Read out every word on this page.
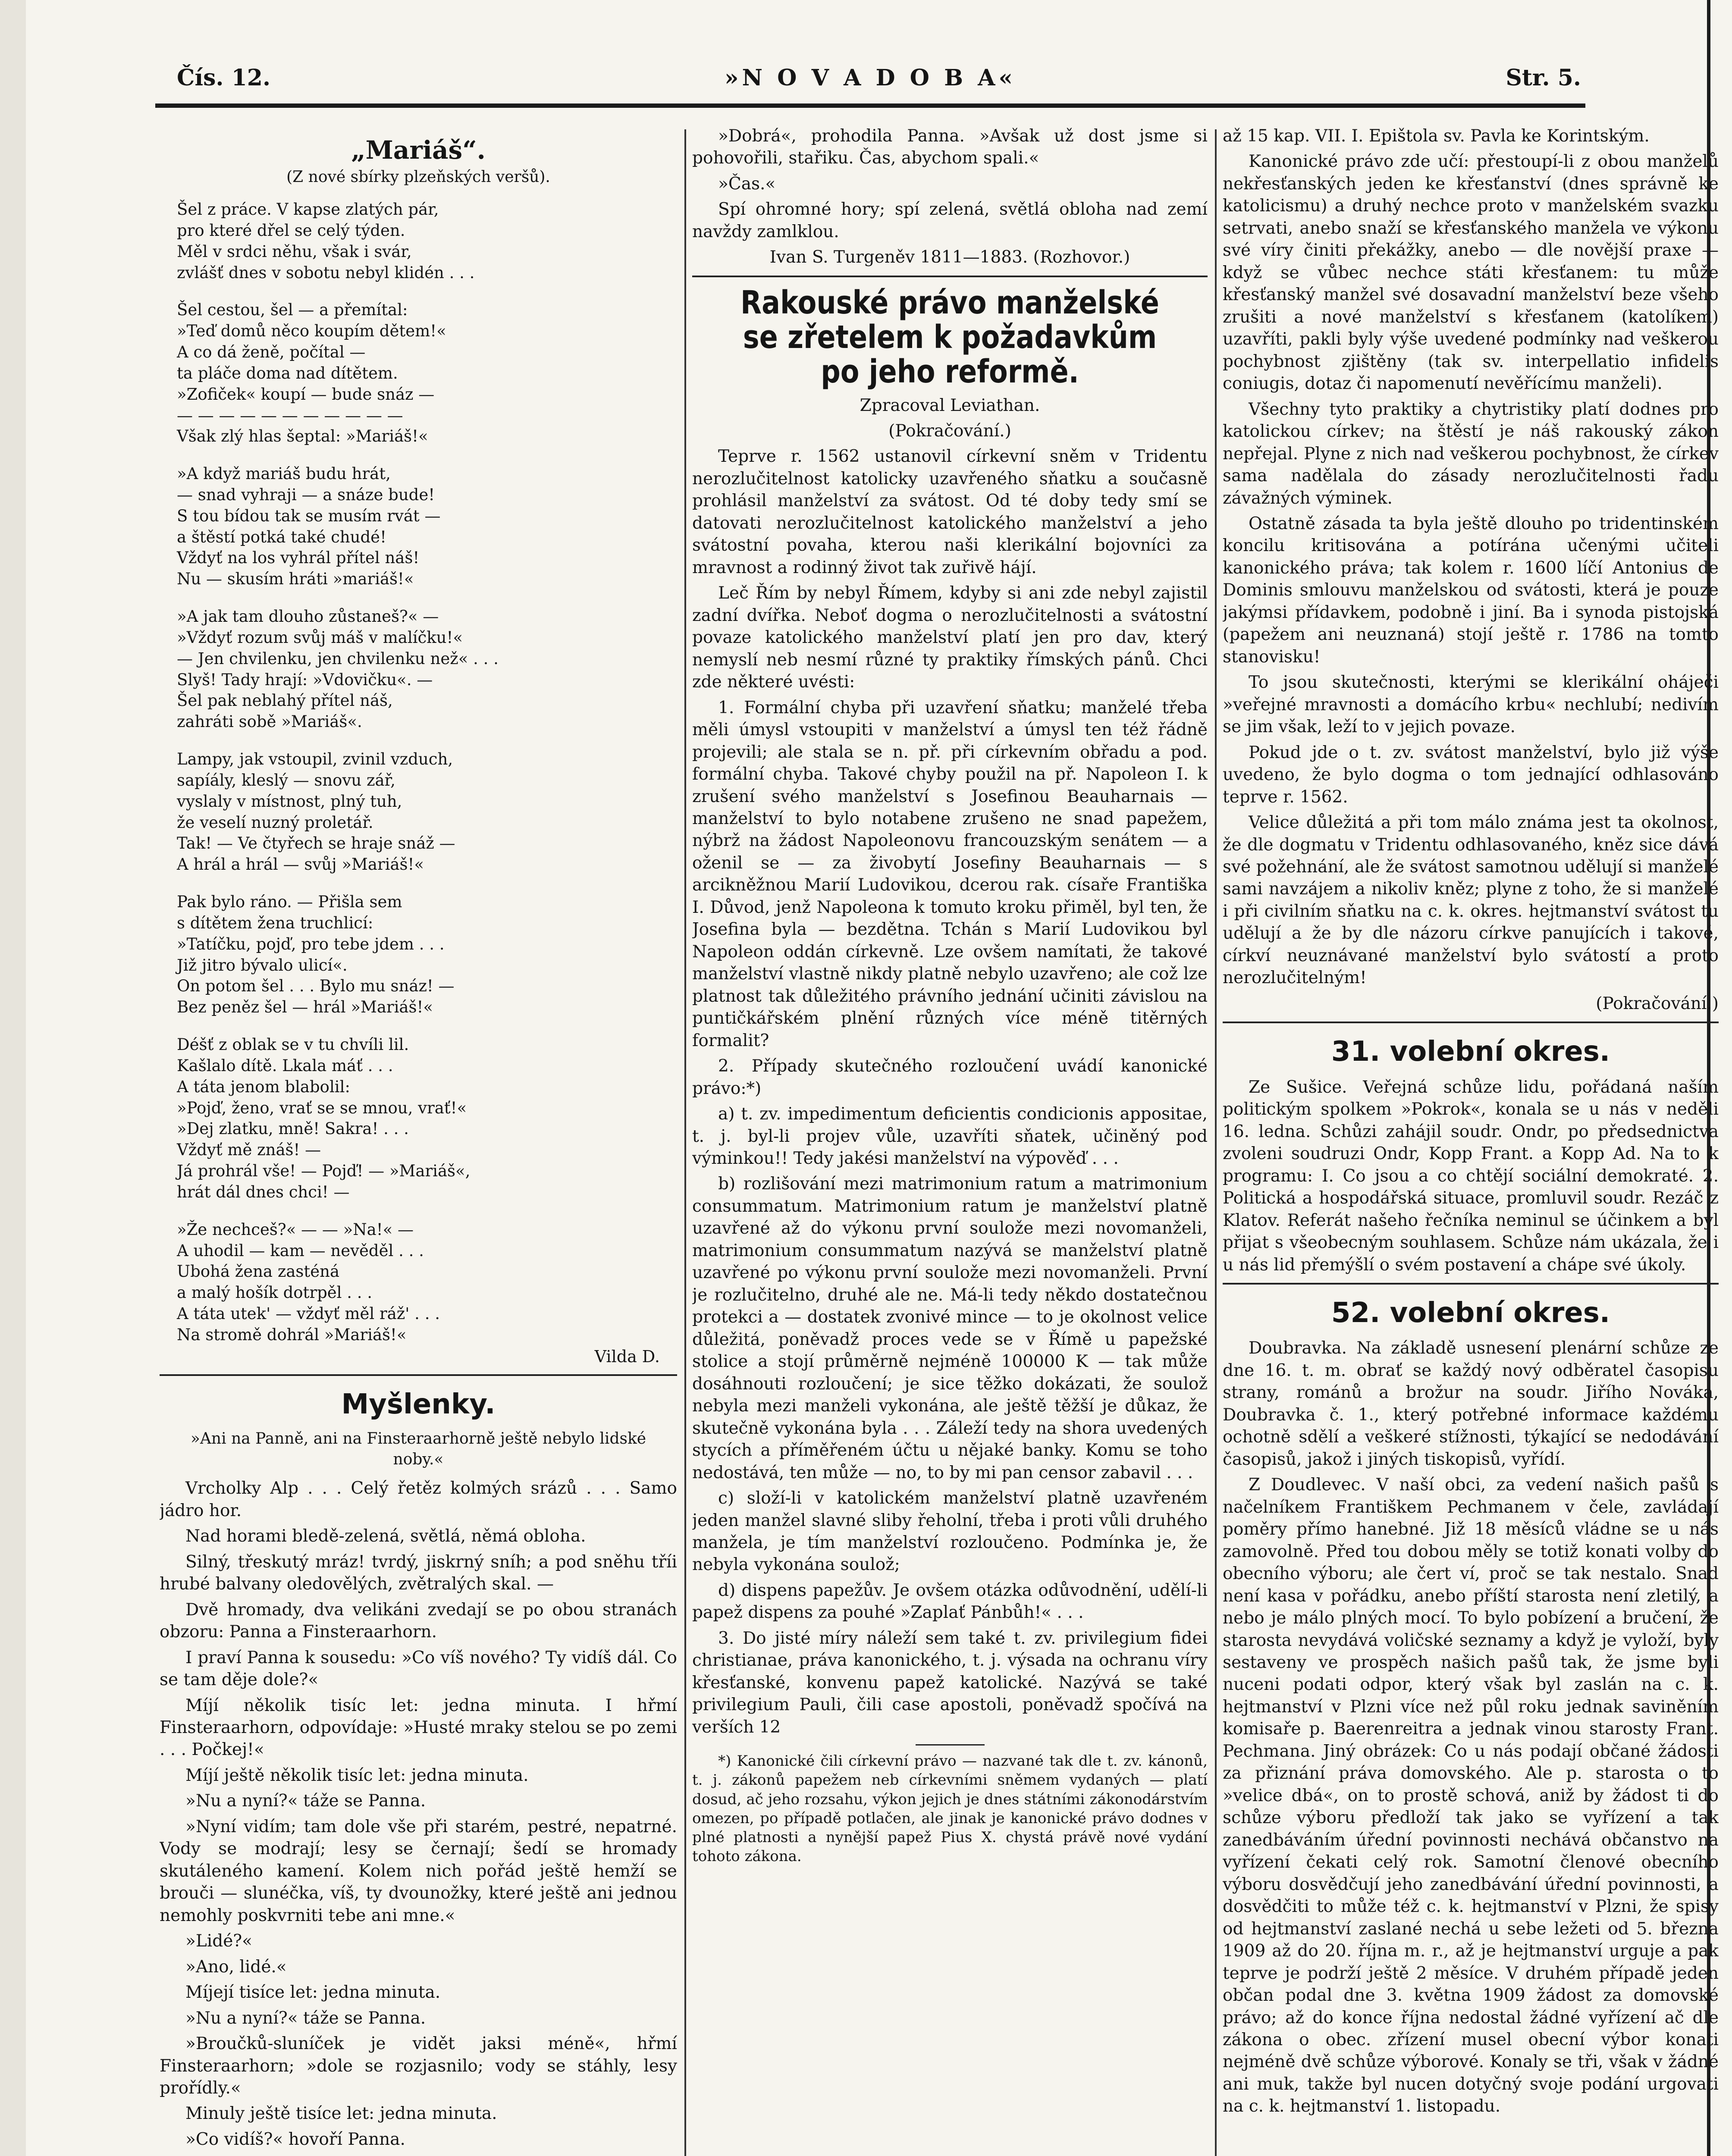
Čís. 12.	»N O V A D O B A«	Str. 5.
„Mariáš“.
(Z nové sbírky plzeňských veršů).
Šel z práce. V kapse zlatých pár,
pro které dřel se celý týden.
Měl v srdci něhu, však i svár,
zvlášť dnes v sobotu nebyl klidén . . .
Šel cestou, šel — a přemítal:
»Teď domů něco koupím dětem!«
A co dá ženě, počítal —
ta pláče doma nad dítětem.
»Zofiček« koupí — bude snáz —
— — — — — — — — — — —
Však zlý hlas šeptal: »Mariáš!«
»A když mariáš budu hrát,
— snad vyhraji — a snáze bude!
S tou bídou tak se musím rvát —
a štěstí potká také chudé!
Vždyť na los vyhrál přítel náš!
Nu — skusím hráti »mariáš!«
»A jak tam dlouho zůstaneš?« —
»Vždyť rozum svůj máš v malíčku!«
— Jen chvilenku, jen chvilenku než« . . .
Slyš! Tady hrají: »Vdovičku«. —
Šel pak neblahý přítel náš,
zahráti sobě »Mariáš«.
Lampy, jak vstoupil, zvinil vzduch,
sapíály, kleslý — snovu zář,
vyslaly v místnost, plný tuh,
že veselí nuzný proletář.
Tak! — Ve čtyřech se hraje snáž —
A hrál a hrál — svůj »Mariáš!«
Pak bylo ráno. — Přišla sem
s dítětem žena truchlicí:
»Tatíčku, pojď, pro tebe jdem . . .
Již jitro bývalo ulicí«.
On potom šel . . . Bylo mu snáz! —
Bez peněz šel — hrál »Mariáš!«
Déšť z oblak se v tu chvíli lil.
Kašlalo dítě. Lkala máť . . .
A táta jenom blabolil:
»Pojď, ženo, vrať se se mnou, vrať!«
»Dej zlatku, mně! Sakra! . . .
Vždyť mě znáš! —
Já prohrál vše! — Pojď! — »Mariáš«,
hrát dál dnes chci! —
»Že nechceš?« — — »Na!« —
A uhodil — kam — nevěděl . . .
Ubohá žena zasténá
a malý hošík dotrpěl . . .
A táta utek' — vždyť měl ráž' . . .
Na stromě dohrál »Mariáš!«
Vilda D.
Myšlenky.
»Ani na Panně, ani na Finsteraarhorně ještě nebylo lidské noby.«

Vrcholky Alp . . . Celý řetěz kolmých srázů . . . Samo jádro hor.

Nad horami bledě-zelená, světlá, němá obloha.

Silný, třeskutý mráz! tvrdý, jiskrný sníh; a pod sněhu tříi hrubé balvany oledovělých, zvětralých skal. —

Dvě hromady, dva velikáni zvedají se po obou stranách obzoru: Panna a Finsteraarhorn.

I praví Panna k sousedu: »Co víš nového? Ty vidíš dál. Co se tam děje dole?«

Míjí několik tisíc let: jedna minuta. I hřmí Finsteraarhorn, odpovídaje: »Husté mraky stelou se po zemi . . . Počkej!«

Míjí ještě několik tisíc let: jedna minuta.

»Nu a nyní?« táže se Panna.

»Nyní vidím; tam dole vše při starém, pestré, nepatrné. Vody se modrají; lesy se černají; šedí se hromady skutáleného kamení. Kolem nich pořád ještě hemží se brouči — slunéčka, víš, ty dvounožky, které ještě ani jednou nemohly poskvrniti tebe ani mne.«

»Lidé?«

»Ano, lidé.«

Míjejí tisíce let: jedna minuta.

»Nu a nyní?« táže se Panna.

»Broučků-sluníček je vidět jaksi méně«, hřmí Finsteraarhorn; »dole se rozjasnilo; vody se stáhly, lesy prořídly.«

Minuly ještě tisíce let: jedna minuta.

»Co vidíš?« hovoří Panna.

»Dobrá«, prohodila Panna. »Avšak už dost jsme si pohovořili, stařiku. Čas, abychom spali.«

»Čas.«

Spí ohromné hory; spí zelená, světlá obloha nad zemí navždy zamlklou.

Ivan S. Turgeněv 1811—1883. (Rozhovor.)

Rakouské právo manželské se zřetelem k požadavkům po jeho reformě.

Zpracoval Leviathan.

(Pokračování.)

Teprve r. 1562 ustanovil církevní sněm v Tridentu nerozlučitelnost katolicky uzavřeného sňatku a současně prohlásil manželství za svátost. Od té doby tedy smí se datovati nerozlučitelnost katolického manželství a jeho svátostní povaha, kterou naši klerikální bojovníci za mravnost a rodinný život tak zuřivě hájí.

Leč Řím by nebyl Římem, kdyby si ani zde nebyl zajistil zadní dvířka. Neboť dogma o nerozlučitelnosti a svátostní povaze katolického manželství platí jen pro dav, který nemyslí neb nesmí různé ty praktiky římských pánů. Chci zde některé uvésti:

1. Formální chyba při uzavření sňatku; manželé třeba měli úmysl vstoupiti v manželství a úmysl ten též řádně projevili; ale stala se n. př. při církevním obřadu a pod. formální chyba. Takové chyby použil na př. Napoleon I. k zrušení svého manželství s Josefinou Beauharnais — manželství to bylo notabene zrušeno ne snad papežem, nýbrž na žádost Napoleonovu francouzským senátem — a oženil se — za živobytí Josefiny Beauharnais — s arcikněžnou Marií Ludovikou, dcerou rak. císaře Františka I. Důvod, jenž Napoleona k tomuto kroku přiměl, byl ten, že Josefina byla — bezdětna. Tchán s Marií Ludovikou byl Napoleon oddán církevně. Lze ovšem namítati, že takové manželství vlastně nikdy platně nebylo uzavřeno; ale což lze platnost tak důležitého právního jednání učiniti závislou na puntičkářském plnění různých více méně titěrných formalit?

2. Případy skutečného rozloučení uvádí kanonické právo:*)

a) t. zv. impedimentum deficientis condicionis appositae, t. j. byl-li projev vůle, uzavříti sňatek, učiněný pod výminkou!! Tedy jakési manželství na výpověď . . .

b) rozlišování mezi matrimonium ratum a matrimonium consummatum. Matrimonium ratum je manželství platně uzavřené až do výkonu první soulože mezi novomanželi, matrimonium consummatum nazývá se manželství platně uzavřené po výkonu první soulože mezi novomanželi. První je rozlučitelno, druhé ale ne. Má-li tedy někdo dostatečnou protekci a — dostatek zvonivé mince — to je okolnost velice důležitá, poněvadž proces vede se v Římě u papežské stolice a stojí průměrně nejméně 100000 K — tak může dosáhnouti rozloučení; je sice těžko dokázati, že soulož nebyla mezi manželi vykonána, ale ještě těžší je důkaz, že skutečně vykonána byla . . . Záleží tedy na shora uvedených stycích a příměřeném účtu u nějaké banky. Komu se toho nedostává, ten může — no, to by mi pan censor zabavil . . .

c) složí-li v katolickém manželství platně uzavřeném jeden manžel slavné sliby řeholní, třeba i proti vůli druhého manžela, je tím manželství rozloučeno. Podmínka je, že nebyla vykonána soulož;

d) dispens papežův. Je ovšem otázka odůvodnění, udělí-li papež dispens za pouhé »Zaplať Pánbůh!« . . .

3. Do jisté míry náleží sem také t. zv. privilegium fidei christianae, práva kanonického, t. j. výsada na ochranu víry křesťanské, konvenu papež katolické. Nazývá se také privilegium Pauli, čili case apostoli, poněvadž spočívá na verších 12

*) Kanonické čili církevní právo — nazvané tak dle t. zv. kánonů, t. j. zákonů papežem neb církevními sněmem vydaných — platí dosud, ač jeho rozsahu, výkon jejich je dnes státními zákonodárstvím omezen, po případě potlačen, ale jinak je kanonické právo dodnes v plné platnosti a nynější papež Pius X. chystá právě nové vydání tohoto zákona.

až 15 kap. VII. I. Epištola sv. Pavla ke Korintským.

Kanonické právo zde učí: přestoupí-li z obou manželů nekřesťanských jeden ke křesťanství (dnes správně ke katolicismu) a druhý nechce proto v manželském svazku setrvati, anebo snaží se křesťanského manžela ve výkonu své víry činiti překážky, anebo — dle novější praxe — když se vůbec nechce státi křesťanem: tu může křesťanský manžel své dosavadní manželství beze všeho zrušiti a nové manželství s křesťanem (katolíkem) uzavříti, pakli byly výše uvedené podmínky nad veškerou pochybnost zjištěny (tak sv. interpellatio infidelis coniugis, dotaz či napomenutí nevěřícímu manželi).

Všechny tyto praktiky a chytristiky platí dodnes pro katolickou církev; na štěstí je náš rakouský zákon nepřejal. Plyne z nich nad veškerou pochybnost, že církev sama nadělala do zásady nerozlučitelnosti řadu závažných výminek.

Ostatně zásada ta byla ještě dlouho po tridentinském koncilu kritisována a potírána učenými učiteli kanonického práva; tak kolem r. 1600 líčí Antonius de Dominis smlouvu manželskou od svátosti, která je pouze jakýmsi přídavkem, podobně i jiní. Ba i synoda pistojská (papežem ani neuznaná) stojí ještě r. 1786 na tomto stanovisku!

To jsou skutečnosti, kterými se klerikální oháječi »veřejné mravnosti a domácího krbu« nechlubí; nedivím se jim však, leží to v jejich povaze.

Pokud jde o t. zv. svátost manželství, bylo již výše uvedeno, že bylo dogma o tom jednající odhlasováno teprve r. 1562.

Velice důležitá a při tom málo známa jest ta okolnost, že dle dogmatu v Tridentu odhlasovaného, kněz sice dává své požehnání, ale že svátost samotnou udělují si manželé sami navzájem a nikoliv kněz; plyne z toho, že si manželé i při civilním sňatku na c. k. okres. hejtmanství svátost tu udělují a že by dle názoru církve panujících i takové, církví neuznávané manželství bylo svátostí a proto nerozlučitelným!

(Pokračování.)

31. volební okres.

Ze Sušice. Veřejná schůze lidu, pořádaná naším politickým spolkem »Pokrok«, konala se u nás v neděli 16. ledna. Schůzi zahájil soudr. Ondr, po předsednictva zvoleni soudruzi Ondr, Kopp Frant. a Kopp Ad. Na to k programu: I. Co jsou a co chtějí sociální demokraté. 2. Politická a hospodářská situace, promluvil soudr. Rezáč z Klatov. Referát našeho řečníka neminul se účinkem a byl přijat s všeobecným souhlasem. Schůze nám ukázala, že i u nás lid přemýšlí o svém postavení a chápe své úkoly.

52. volební okres.

Doubravka. Na základě usnesení plenární schůze ze dne 16. t. m. obrať se každý nový odběratel časopisu strany, románů a brožur na soudr. Jiřího Nováka, Doubravka č. 1., který potřebné informace každému ochotně sdělí a veškeré stížnosti, týkající se nedodávání časopisů, jakož i jiných tiskopisů, vyřídí.

Z Doudlevec. V naší obci, za vedení našich pašů s načelníkem Františkem Pechmanem v čele, zavládají poměry přímo hanebné. Již 18 měsíců vládne se u nás zamovolně. Před tou dobou měly se totiž konati volby do obecního výboru; ale čert ví, proč se tak nestalo. Snad není kasa v pořádku, anebo příští starosta není zletilý, a nebo je málo plných mocí. To bylo pobízení a bručení, že starosta nevydává voličské seznamy a když je vyloží, byly sestaveny ve prospěch našich pašů tak, že jsme byli nuceni podati odpor, který však byl zaslán na c. k. hejtmanství v Plzni více než půl roku jednak saviněním komisaře p. Baerenreitra a jednak vinou starosty Frant. Pechmana. Jiný obrázek: Co u nás podají občané žádosti za přiznání práva domovského. Ale p. starosta o to »velice dbá«, on to prostě schová, aniž by žádost ti do schůze výboru předloží tak jako se vyřízení a tak zanedbáváním úřední povinnosti nechává občanstvo na vyřízení čekati celý rok. Samotní členové obecního výboru dosvědčují jeho zanedbávání úřední povinnosti, a dosvědčiti to může též c. k. hejtmanství v Plzni, že spisy od hejtmanství zaslané nechá u sebe ležeti od 5. března 1909 až do 20. října m. r., až je hejtmanství urguje a pak teprve je podrží ještě 2 měsíce. V druhém případě jeden občan podal dne 3. května 1909 žádost za domovské právo; až do konce října nedostal žádné vyřízení ač dle zákona o obec. zřízení musel obecní výbor konati nejméně dvě schůze výborové. Konaly se tři, však v žádné ani muk, takže byl nucen dotyčný svoje podání urgovati na c. k. hejtmanství 1. listopadu.
